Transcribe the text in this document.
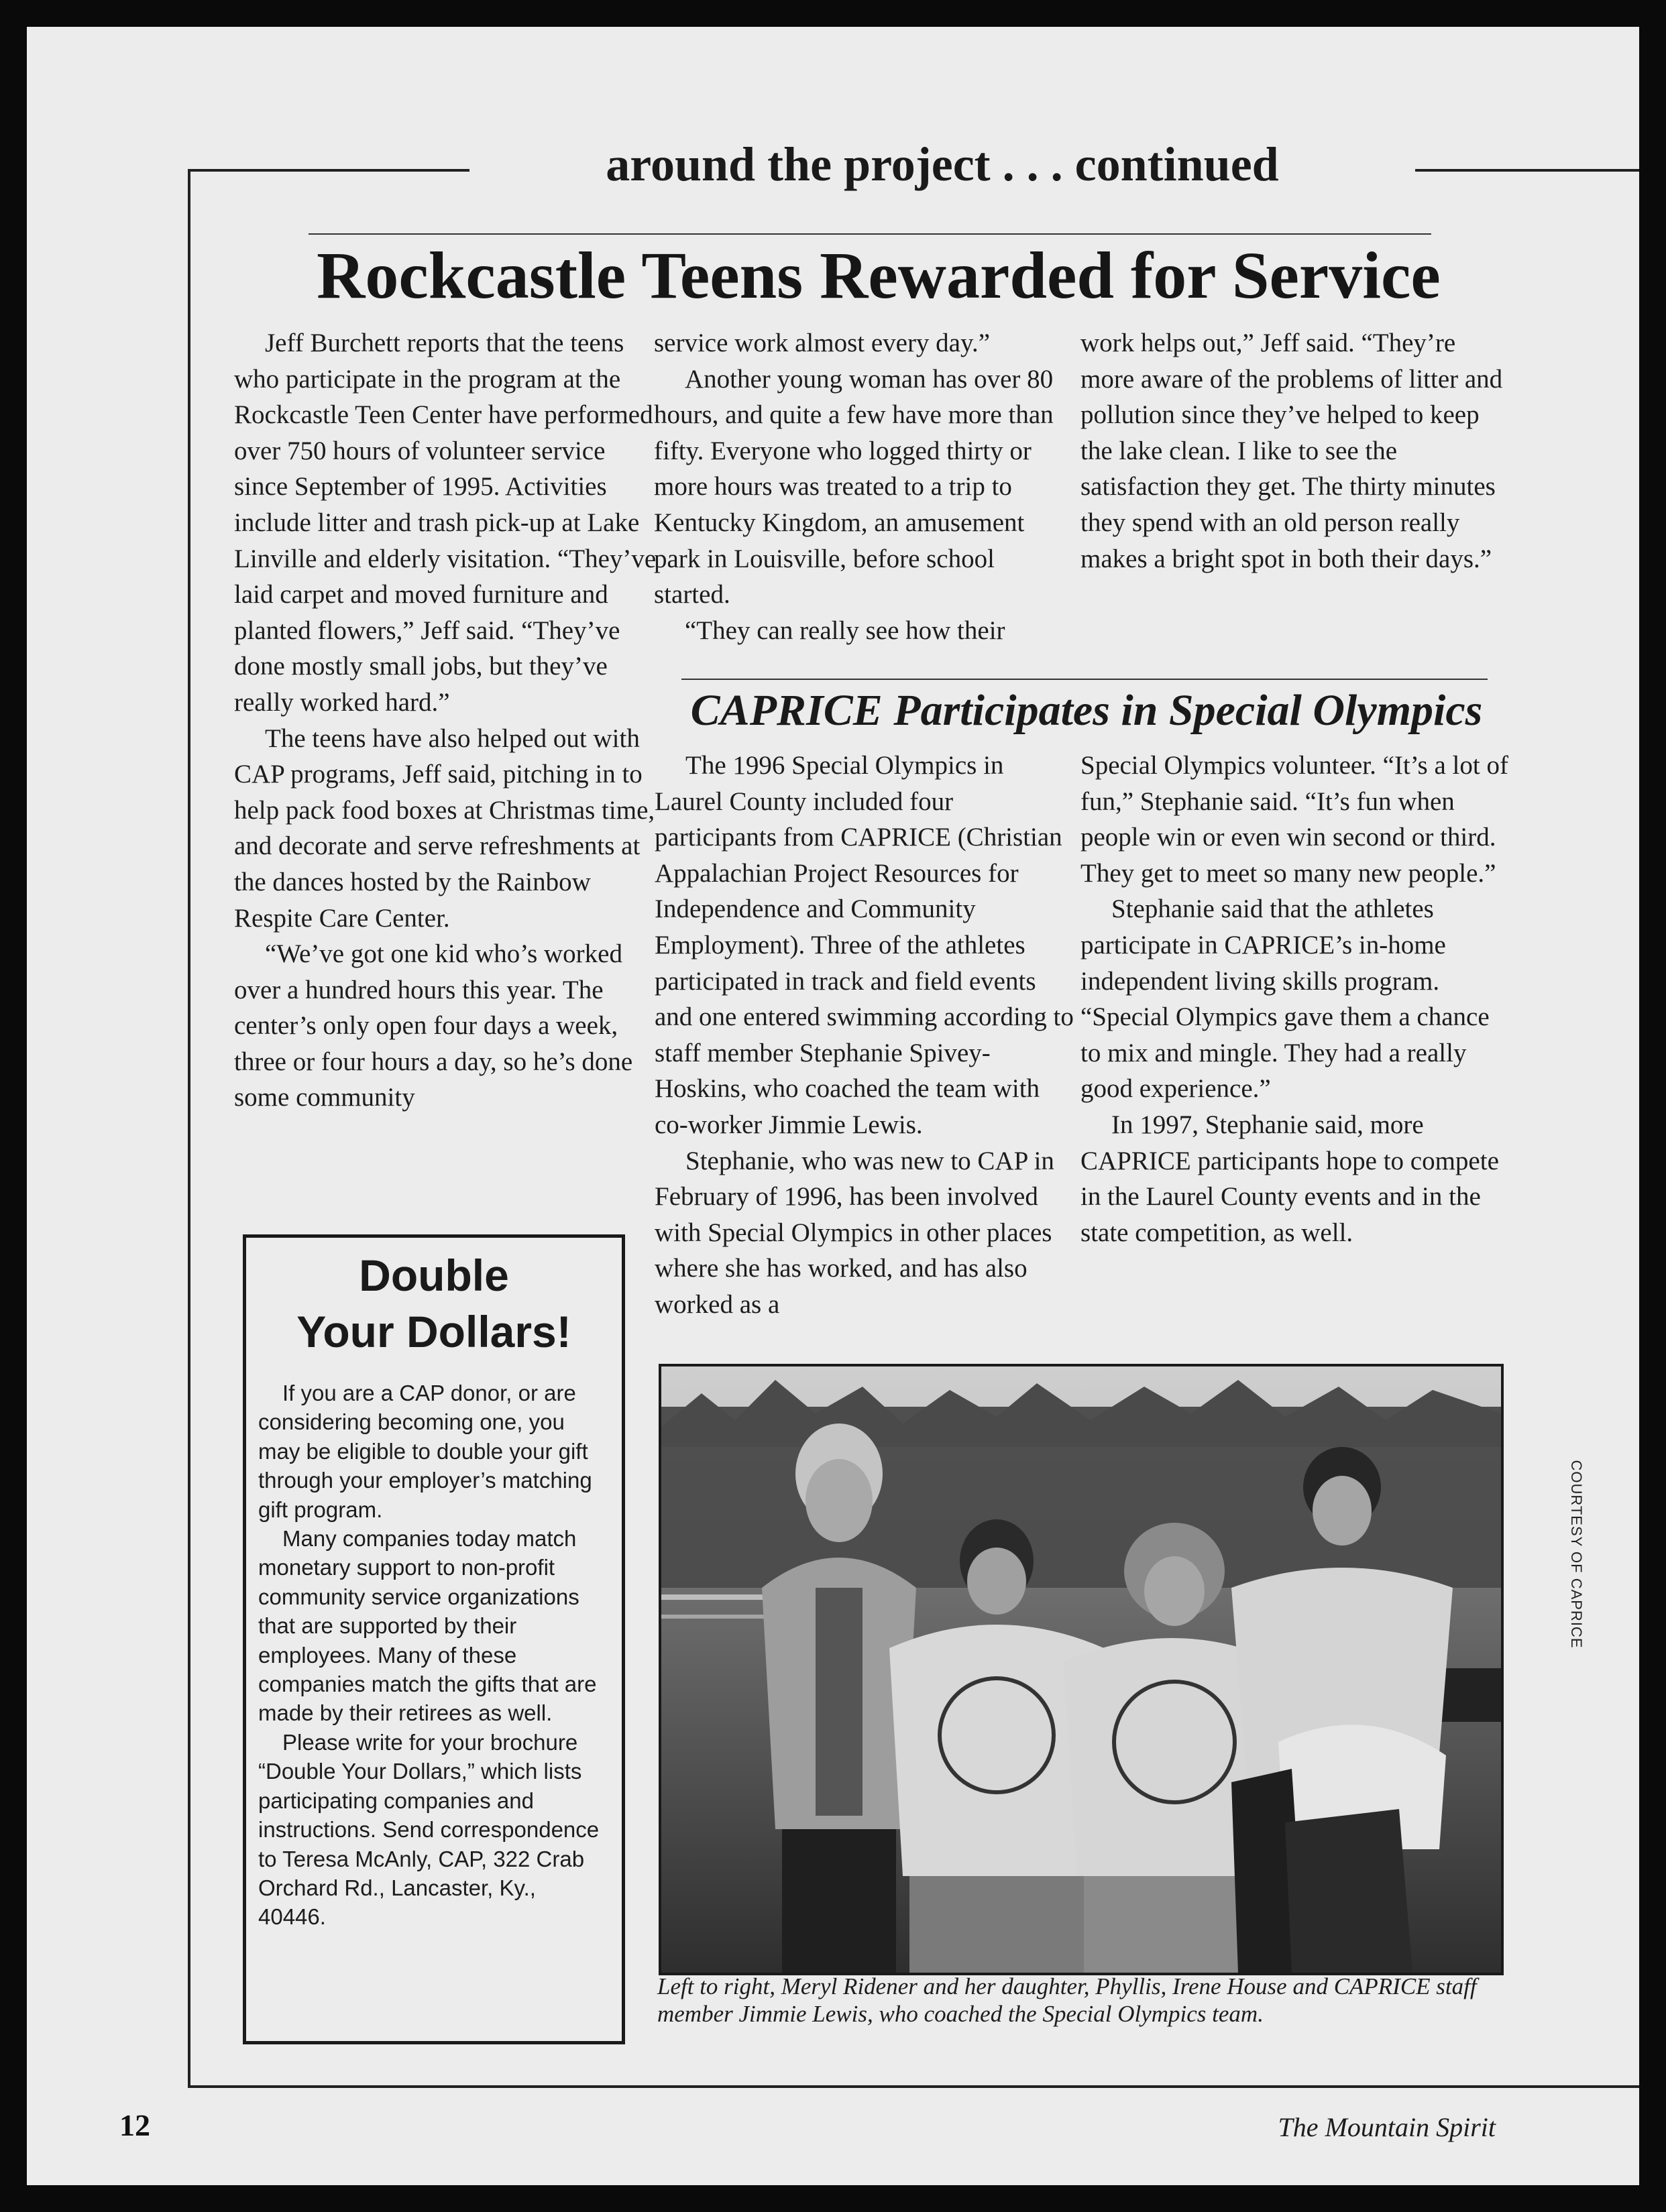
around the project . . . continued
Rockcastle Teens Rewarded for Service

Jeff Burchett reports that the teens who participate in the program at the Rockcastle Teen Center have performed over 750 hours of volunteer service since September of 1995. Activities include litter and trash pick-up at Lake Linville and elderly visitation. “They’ve laid carpet and moved furniture and planted flowers,” Jeff said. “They’ve done mostly small jobs, but they’ve really worked hard.”

The teens have also helped out with CAP programs, Jeff said, pitching in to help pack food boxes at Christmas time, and decorate and serve refreshments at the dances hosted by the Rainbow Respite Care Center.

“We’ve got one kid who’s worked over a hundred hours this year. The center’s only open four days a week, three or four hours a day, so he’s done some community

service work almost every day.”

Another young woman has over 80 hours, and quite a few have more than fifty. Everyone who logged thirty or more hours was treated to a trip to Kentucky Kingdom, an amusement park in Louisville, before school started.

“They can really see how their

work helps out,” Jeff said. “They’re more aware of the problems of litter and pollution since they’ve helped to keep the lake clean. I like to see the satisfaction they get. The thirty minutes they spend with an old person really makes a bright spot in both their days.”

CAPRICE Participates in Special Olympics

The 1996 Special Olympics in Laurel County included four participants from CAPRICE (Christian Appalachian Project Resources for Independence and Community Employment). Three of the athletes participated in track and field events and one entered swimming according to staff member Stephanie Spivey-Hoskins, who coached the team with co-worker Jimmie Lewis.

Stephanie, who was new to CAP in February of 1996, has been involved with Special Olympics in other places where she has worked, and has also worked as a

Special Olympics volunteer. “It’s a lot of fun,” Stephanie said. “It’s fun when people win or even win second or third. They get to meet so many new people.”

Stephanie said that the athletes participate in CAPRICE’s in-home independent living skills program. “Special Olympics gave them a chance to mix and mingle. They had a really good experience.”

In 1997, Stephanie said, more CAPRICE participants hope to compete in the Laurel County events and in the state competition, as well.

Double
Your Dollars!

If you are a CAP donor, or are considering becoming one, you may be eligible to double your gift through your employer’s matching gift program.

Many companies today match monetary support to non-profit community service organizations that are supported by their employees. Many of these companies match the gifts that are made by their retirees as well.

Please write for your brochure “Double Your Dollars,” which lists participating companies and instructions. Send correspondence to Teresa McAnly, CAP, 322 Crab Orchard Rd., Lancaster, Ky., 40446.

COURTESY OF CAPRICE
Left to right, Meryl Ridener and her daughter, Phyllis, Irene House and CAPRICE staff member Jimmie Lewis, who coached the Special Olympics team.
12	The Mountain Spirit
